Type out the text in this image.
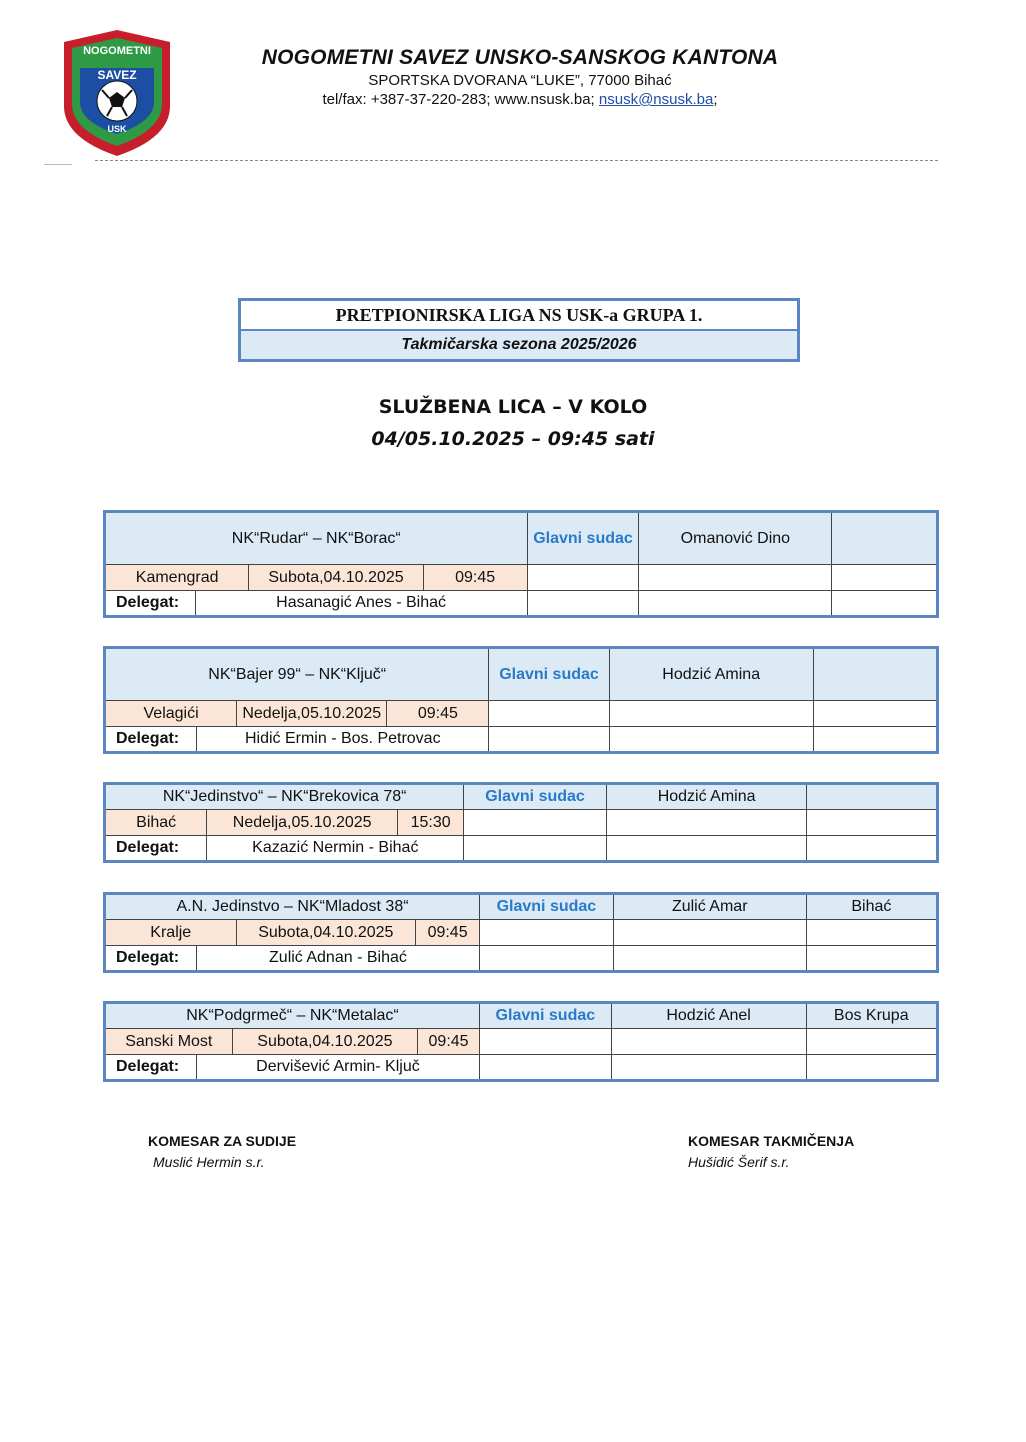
NOGOMETNI
SAVEZ
USK
NOGOMETNI SAVEZ UNSKO-SANSKOG KANTONA
SPORTSKA DVORANA “LUKE”, 77000 Bihać
tel/fax: +387-37-220-283; www.nsusk.ba; nsusk@nsusk.ba;
PRETPIONIRSKA LIGA NS USK-a GRUPA 1.
Takmičarska sezona 2025/2026
SLUŽBENA LICA – V KOLO
04/05.10.2025 – 09:45 sati
NK“Rudar“ – NK“Borac“				Glavni sudac	Omanović Dino	
Kamengrad		Subota,04.10.2025	09:45			
Delegat:	Hasanagić Anes - Bihać					
NK“Bajer 99“ – NK“Ključ“				Glavni sudac	Hodzić Amina	
Velagići		Nedelja,05.10.2025	09:45			
Delegat:	Hidić Ermin - Bos. Petrovac					
NK“Jedinstvo“ – NK“Brekovica 78“			Glavni sudac	Hodzić Amina	
Bihać	Nedelja,05.10.2025	15:30			
Delegat:	Kazazić Nermin - Bihać				
A.N. Jedinstvo – NK“Mladost 38“				Glavni sudac	Zulić Amar	Bihać
Kralje		Subota,04.10.2025	09:45			
Delegat:	Zulić Adnan - Bihać					
NK“Podgrmeč“ – NK“Metalac“				Glavni sudac	Hodzić Anel	Bos Krupa
Sanski Most		Subota,04.10.2025	09:45			
Delegat:	Dervišević Armin- Ključ					
KOMESAR ZA SUDIJE
Muslić Hermin s.r.
KOMESAR TAKMIČENJA
Hušidić Šerif s.r.
